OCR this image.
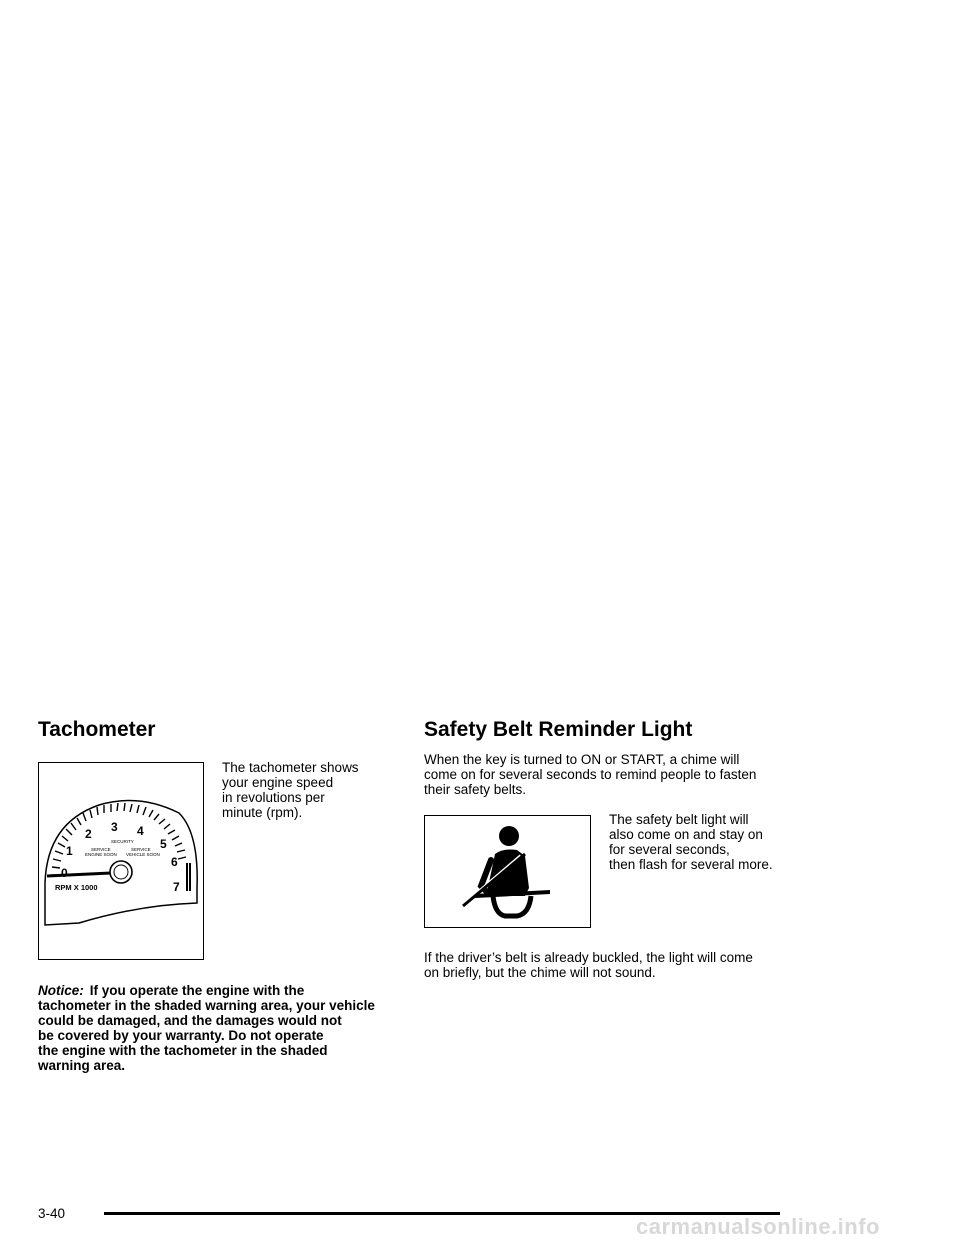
Tachometer
0
1
2 3 4
5
6
7
SECURITY
SERVICE
ENGINE SOON
SERVICE
VEHICLE SOON
RPM X 1000
The tachometer shows
your engine speed
in revolutions per
minute (rpm).
Notice: If you operate the engine with the
tachometer in the shaded warning area, your vehicle
could be damaged, and the damages would not
be covered by your warranty. Do not operate
the engine with the tachometer in the shaded
warning area.
Safety Belt Reminder Light
When the key is turned to ON or START, a chime will
come on for several seconds to remind people to fasten
their safety belts.
The safety belt light will
also come on and stay on
for several seconds,
then flash for several more.
If the driver’s belt is already buckled, the light will come
on briefly, but the chime will not sound.
3-40
carmanualsonline.info
